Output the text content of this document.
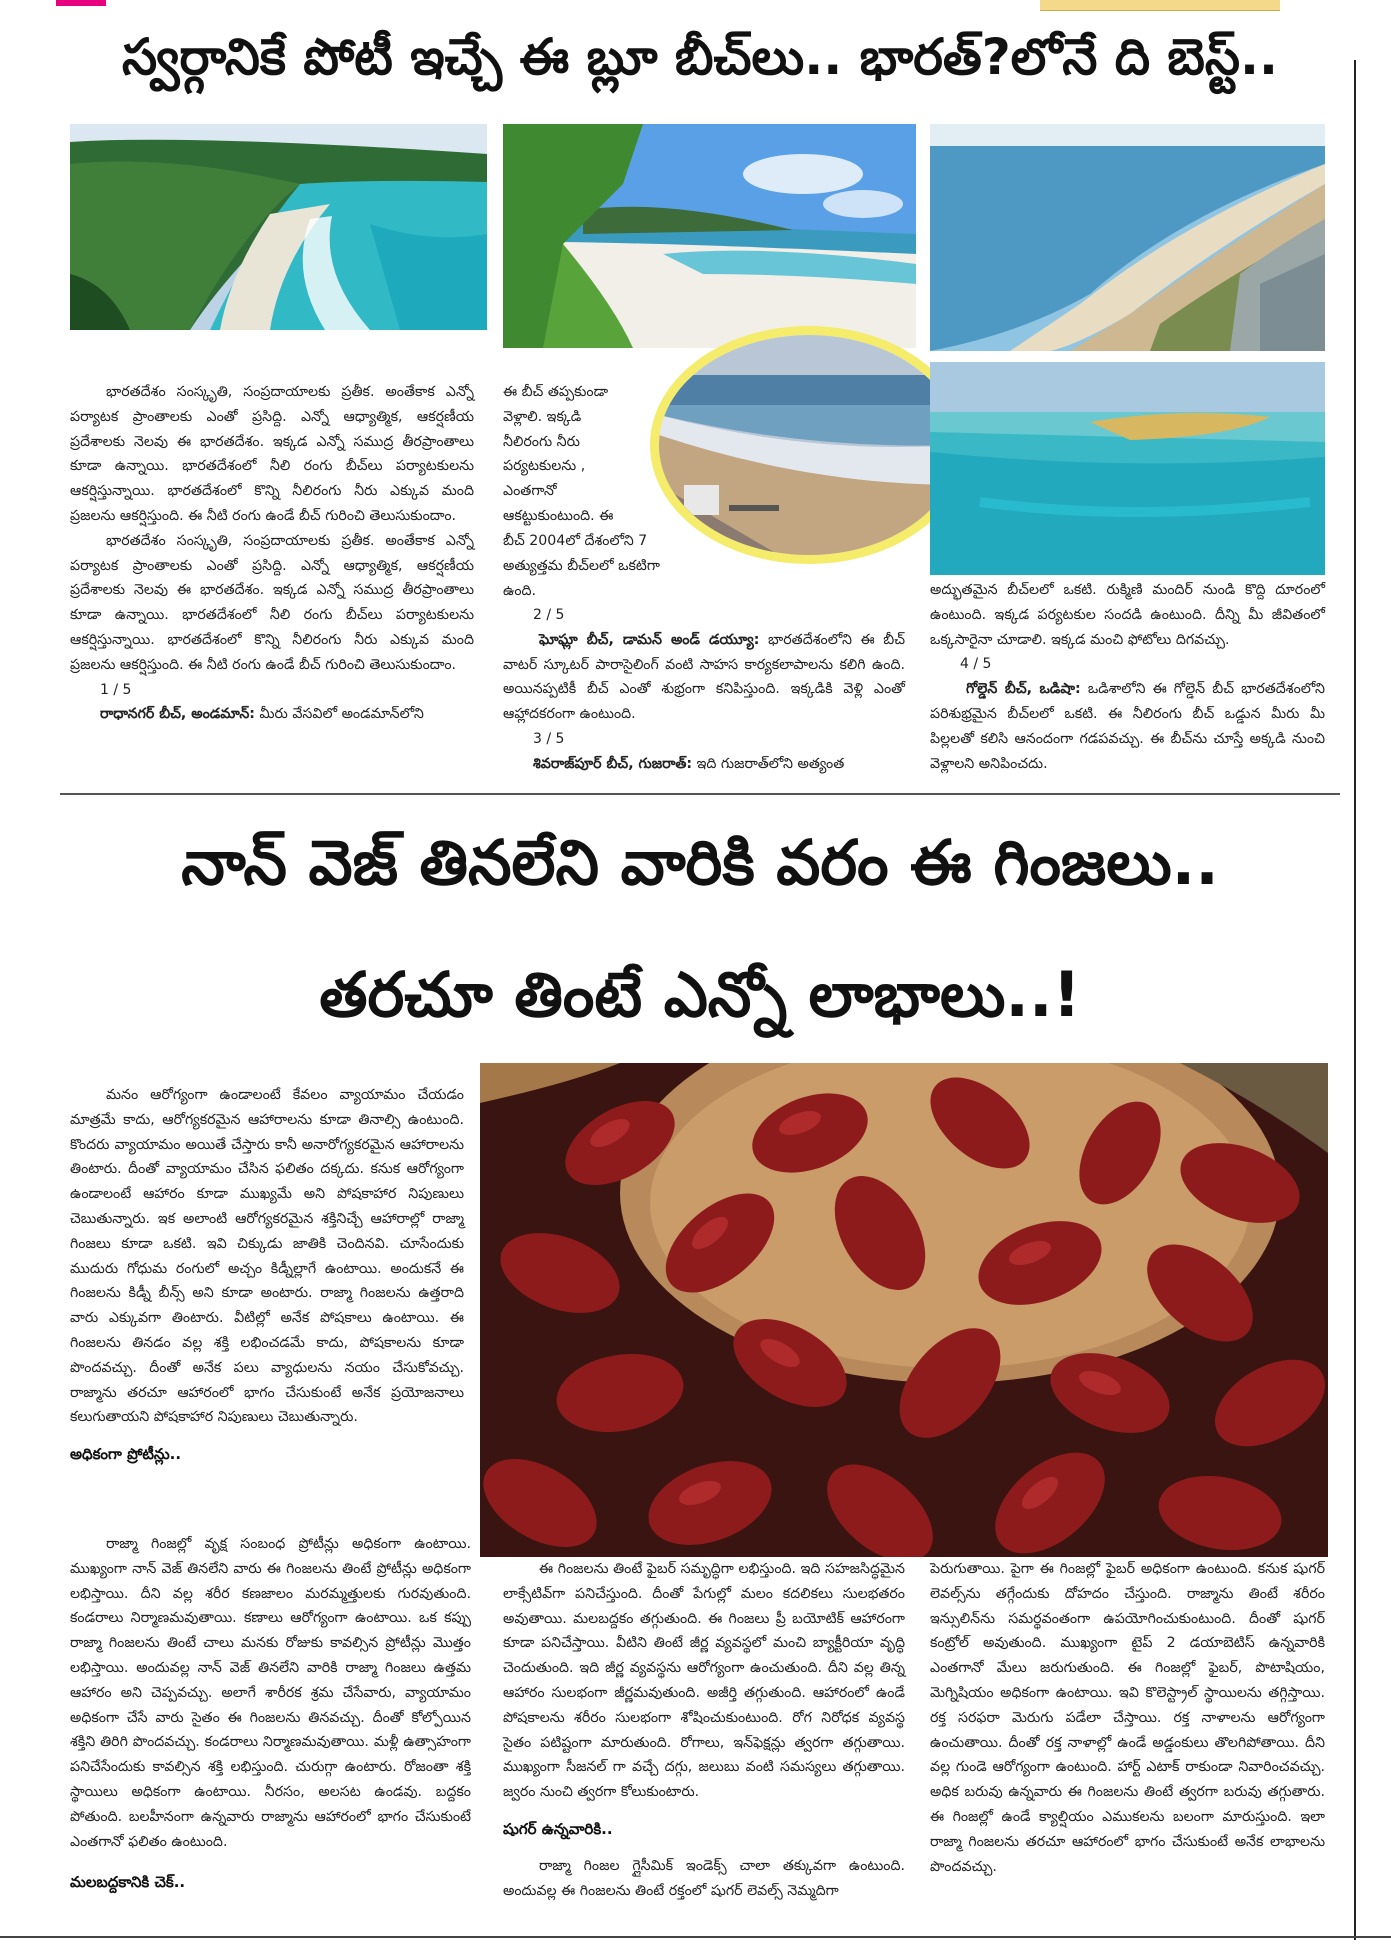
స్వర్గానికే పోటీ ఇచ్చే ఈ బ్లూ బీచ్‌లు.. భారత్?లోనే ది బెస్ట్..

భారతదేశం సంస్కృతి, సంప్రదాయాలకు ప్రతీక. అంతేకాక ఎన్నో పర్యాటక ప్రాంతాలకు ఎంతో ప్రసిద్ది. ఎన్నో ఆధ్యాత్మిక, ఆకర్షణీయ ప్రదేశాలకు నెలవు ఈ భారతదేశం. ఇక్కడ ఎన్నో సముద్ర తీరప్రాంతాలు కూడా ఉన్నాయి. భారతదేశంలో నీలి రంగు బీచ్‌లు పర్యాటకులను ఆకర్షిస్తున్నాయి. భారతదేశంలో కొన్ని నీలిరంగు నీరు ఎక్కువ మంది ప్రజలను ఆకర్షిస్తుంది. ఈ నీటి రంగు ఉండే బీచ్ గురించి తెలుసుకుందాం.

భారతదేశం సంస్కృతి, సంప్రదాయాలకు ప్రతీక. అంతేకాక ఎన్నో పర్యాటక ప్రాంతాలకు ఎంతో ప్రసిద్ది. ఎన్నో ఆధ్యాత్మిక, ఆకర్షణీయ ప్రదేశాలకు నెలవు ఈ భారతదేశం. ఇక్కడ ఎన్నో సముద్ర తీరప్రాంతాలు కూడా ఉన్నాయి. భారతదేశంలో నీలి రంగు బీచ్‌లు పర్యాటకులను ఆకర్షిస్తున్నాయి. భారతదేశంలో కొన్ని నీలిరంగు నీరు ఎక్కువ మంది ప్రజలను ఆకర్షిస్తుంది. ఈ నీటి రంగు ఉండే బీచ్ గురించి తెలుసుకుందాం.

1 / 5
రాధానగర్ బీచ్, అండమాన్: మీరు వేసవిలో అండమాన్‌లోని
ఈ బీచ్ తప్పకుండా
వెళ్లాలి. ఇక్కడి
నీలిరంగు నీరు
పర్యటకులను ,
ఎంతగానో
ఆకట్టుకుంటుంది. ఈ
బీచ్ 2004లో దేశంలోని 7
అత్యుత్తమ బీచ్‌లలో ఒకటిగా
ఉంది.
2 / 5

ఘోఘ్లా బీచ్, డామన్ అండ్ డయ్యూ: భారతదేశంలోని ఈ బీచ్ వాటర్ స్కూటర్ పారాసైలింగ్ వంటి సాహస కార్యకలాపాలను కలిగి ఉంది. అయినప్పటికీ బీచ్ ఎంతో శుభ్రంగా కనిపిస్తుంది. ఇక్కడికి వెళ్లి ఎంతో ఆహ్లాదకరంగా ఉంటుంది.

3 / 5
శివరాజ్‌పూర్ బీచ్, గుజరాత్: ఇది గుజరాత్‌లోని అత్యంత
అద్భుతమైన బీచ్‌లలో ఒకటి. రుక్మిణి మందిర్ నుండి కొద్ది దూరంలో ఉంటుంది. ఇక్కడ పర్యటకుల సందడి ఉంటుంది. దీన్ని మీ జీవితంలో ఒక్కసారైనా చూడాలి. ఇక్కడ మంచి ఫోటోలు దిగవచ్చు.
4 / 5

గోల్డెన్ బీచ్, ఒడిషా: ఒడిశాలోని ఈ గోల్డెన్ బీచ్ భారతదేశంలోని పరిశుభ్రమైన బీచ్‌లలో ఒకటి. ఈ నీలిరంగు బీచ్ ఒడ్డున మీరు మీ పిల్లలతో కలిసి ఆనందంగా గడపవచ్చు. ఈ బీచ్‌ను చూస్తే అక్కడి నుంచి వెళ్లాలని అనిపించదు.

నాన్ వెజ్ తినలేని వారికి వరం ఈ గింజలు..
తరచూ తింటే ఎన్నో లాభాలు..!

మనం ఆరోగ్యంగా ఉండాలంటే కేవలం వ్యాయామం చేయడం మాత్రమే కాదు, ఆరోగ్యకరమైన ఆహారాలను కూడా తినాల్సి ఉంటుంది. కొందరు వ్యాయామం అయితే చేస్తారు కానీ అనారోగ్యకరమైన ఆహారాలను తింటారు. దీంతో వ్యాయామం చేసిన ఫలితం దక్కదు. కనుక ఆరోగ్యంగా ఉండాలంటే ఆహారం కూడా ముఖ్యమే అని పోషకాహార నిపుణులు చెబుతున్నారు. ఇక అలాంటి ఆరోగ్యకరమైన శక్తినిచ్చే ఆహారాల్లో రాజ్మా గింజలు కూడా ఒకటి. ఇవి చిక్కుడు జాతికి చెందినవి. చూసేందుకు ముదురు గోధుమ రంగులో అచ్చం కిడ్నీల్లాగే ఉంటాయి. అందుకనే ఈ గింజలను కిడ్నీ బీన్స్ అని కూడా అంటారు. రాజ్మా గింజలను ఉత్తరాది వారు ఎక్కువగా తింటారు. వీటిల్లో అనేక పోషకాలు ఉంటాయి. ఈ గింజలను తినడం వల్ల శక్తి లభించడమే కాదు, పోషకాలను కూడా పొందవచ్చు. దీంతో అనేక పలు వ్యాధులను నయం చేసుకోవచ్చు. రాజ్మాను తరచూ ఆహారంలో భాగం చేసుకుంటే అనేక ప్రయోజనాలు కలుగుతాయని పోషకాహార నిపుణులు చెబుతున్నారు.

అధికంగా ప్రోటీన్లు..

రాజ్మా గింజల్లో వృక్ష సంబంధ ప్రోటీన్లు అధికంగా ఉంటాయి. ముఖ్యంగా నాన్ వెజ్ తినలేని వారు ఈ గింజలను తింటే ప్రోటీన్లు అధికంగా లభిస్తాయి. దీని వల్ల శరీర కణజాలం మరమ్మత్తులకు గురవుతుంది. కండరాలు నిర్మాణమవుతాయి. కణాలు ఆరోగ్యంగా ఉంటాయి. ఒక కప్పు రాజ్మా గింజలను తింటే చాలు మనకు రోజుకు కావల్సిన ప్రోటీన్లు మొత్తం లభిస్తాయి. అందువల్ల నాన్ వెజ్ తినలేని వారికి రాజ్మా గింజలు ఉత్తమ ఆహారం అని చెప్పవచ్చు. అలాగే శారీరక శ్రమ చేసేవారు, వ్యాయామం అధికంగా చేసే వారు సైతం ఈ గింజలను తినవచ్చు. దీంతో కోల్పోయిన శక్తిని తిరిగి పొందవచ్చు. కండరాలు నిర్మాణమవుతాయి. మళ్లీ ఉత్సాహంగా పనిచేసేందుకు కావల్సిన శక్తి లభిస్తుంది. చురుగ్గా ఉంటారు. రోజంతా శక్తి స్థాయిలు అధికంగా ఉంటాయి. నీరసం, అలసట ఉండవు. బద్దకం పోతుంది. బలహీనంగా ఉన్నవారు రాజ్మాను ఆహారంలో భాగం చేసుకుంటే ఎంతగానో ఫలితం ఉంటుంది.

మలబద్దకానికి చెక్..

ఈ గింజలను తింటే ఫైబర్ సమృద్ధిగా లభిస్తుంది. ఇది సహజసిద్ధమైన లాక్సేటివ్‌గా పనిచేస్తుంది. దీంతో పేగుల్లో మలం కదలికలు సులభతరం అవుతాయి. మలబద్దకం తగ్గుతుంది. ఈ గింజలు ప్రీ బయోటిక్ ఆహారంగా కూడా పనిచేస్తాయి. వీటిని తింటే జీర్ణ వ్యవస్థలో మంచి బ్యాక్టీరియా వృద్ధి చెందుతుంది. ఇది జీర్ణ వ్యవస్థను ఆరోగ్యంగా ఉంచుతుంది. దీని వల్ల తిన్న ఆహారం సులభంగా జీర్ణమవుతుంది. అజీర్తి తగ్గుతుంది. ఆహారంలో ఉండే పోషకాలను శరీరం సులభంగా శోషించుకుంటుంది. రోగ నిరోధక వ్యవస్థ సైతం పటిష్టంగా మారుతుంది. రోగాలు, ఇన్‌ఫెక్షన్లు త్వరగా తగ్గుతాయి. ముఖ్యంగా సీజనల్ గా వచ్చే దగ్గు, జలుబు వంటి సమస్యలు తగ్గుతాయి. జ్వరం నుంచి త్వరగా కోలుకుంటారు.

షుగర్ ఉన్నవారికి..

రాజ్మా గింజల గ్లైసీమిక్ ఇండెక్స్ చాలా తక్కువగా ఉంటుంది. అందువల్ల ఈ గింజలను తింటే రక్తంలో షుగర్ లెవల్స్ నెమ్మదిగా

పెరుగుతాయి. పైగా ఈ గింజల్లో ఫైబర్ అధికంగా ఉంటుంది. కనుక షుగర్ లెవల్స్‌ను తగ్గేందుకు దోహదం చేస్తుంది. రాజ్మాను తింటే శరీరం ఇన్సులిన్‌ను సమర్థవంతంగా ఉపయోగించుకుంటుంది. దీంతో షుగర్ కంట్రోల్ అవుతుంది. ముఖ్యంగా టైప్ 2 డయాబెటిస్ ఉన్నవారికి ఎంతగానో మేలు జరుగుతుంది. ఈ గింజల్లో ఫైబర్, పొటాషియం, మెగ్నిషియం అధికంగా ఉంటాయి. ఇవి కొలెస్ట్రాల్ స్థాయిలను తగ్గిస్తాయి. రక్త సరఫరా మెరుగు పడేలా చేస్తాయి. రక్త నాళాలను ఆరోగ్యంగా ఉంచుతాయి. దీంతో రక్త నాళాల్లో ఉండే అడ్డంకులు తొలగిపోతాయి. దీని వల్ల గుండె ఆరోగ్యంగా ఉంటుంది. హార్ట్ ఎటాక్ రాకుండా నివారించవచ్చు. అధిక బరువు ఉన్నవారు ఈ గింజలను తింటే త్వరగా బరువు తగ్గుతారు. ఈ గింజల్లో ఉండే క్యాల్షియం ఎముకలను బలంగా మారుస్తుంది. ఇలా రాజ్మా గింజలను తరచూ ఆహారంలో భాగం చేసుకుంటే అనేక లాభాలను పొందవచ్చు.
